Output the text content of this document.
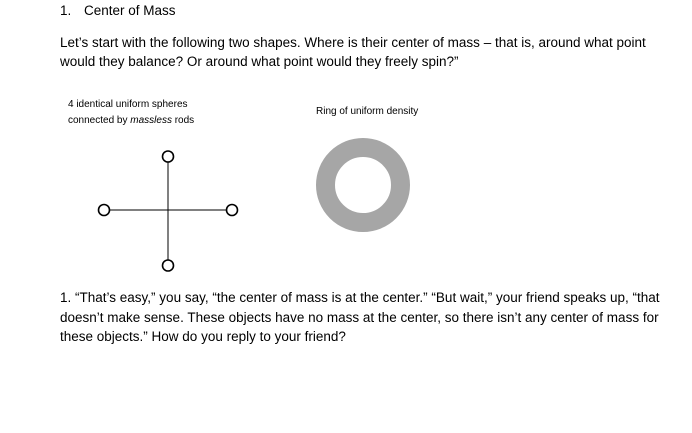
1. Center of Mass
Let’s start with the following two shapes. Where is their center of mass – that is, around what point would they balance? Or around what point would they freely spin?”
4 identical uniform spheres
connected by massless rods
Ring of uniform density
1. “That’s easy,” you say, “the center of mass is at the center.” “But wait,” your friend speaks up, “that doesn’t make sense. These objects have no mass at the center, so there isn’t any center of mass for these objects.” How do you reply to your friend?
